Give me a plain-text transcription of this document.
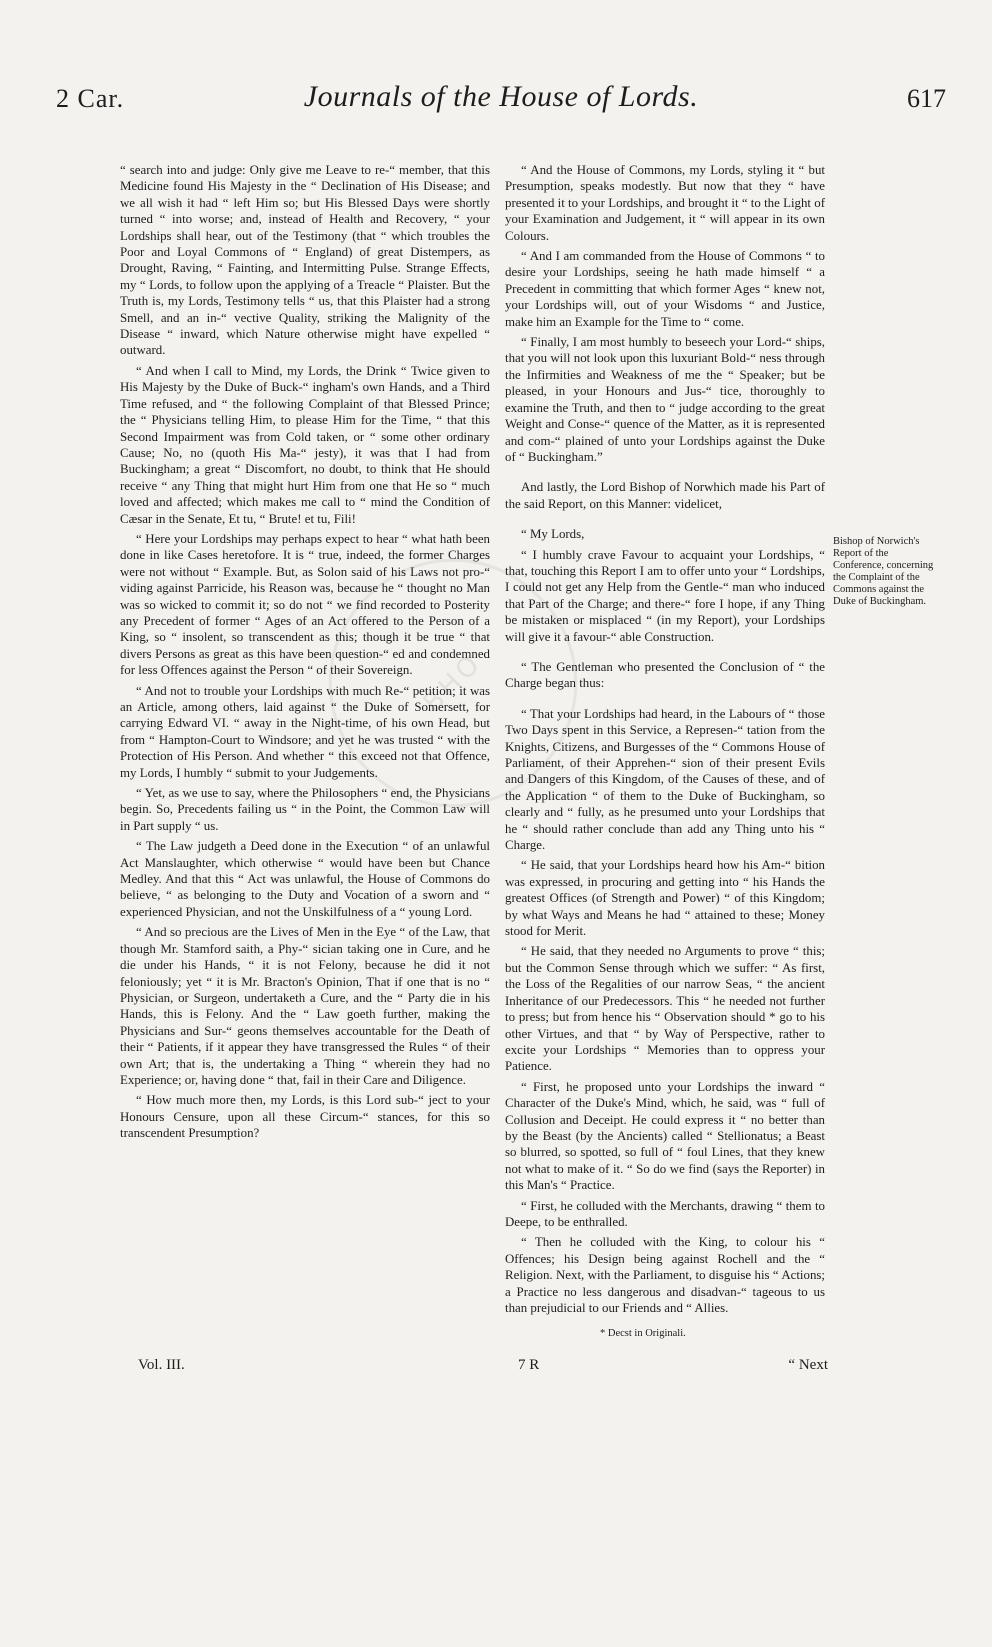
BHO
2 Car.	Journals of the House of Lords.	617

“ search into and judge: Only give me Leave to re-“ member, that this Medicine found His Majesty in the “ Declination of His Disease; and we all wish it had “ left Him so; but His Blessed Days were shortly turned “ into worse; and, instead of Health and Recovery, “ your Lordships shall hear, out of the Testimony (that “ which troubles the Poor and Loyal Commons of “ England) of great Distempers, as Drought, Raving, “ Fainting, and Intermitting Pulse. Strange Effects, my “ Lords, to follow upon the applying of a Treacle “ Plaister. But the Truth is, my Lords, Testimony tells “ us, that this Plaister had a strong Smell, and an in-“ vective Quality, striking the Malignity of the Disease “ inward, which Nature otherwise might have expelled “ outward.

“ And when I call to Mind, my Lords, the Drink “ Twice given to His Majesty by the Duke of Buck-“ ingham's own Hands, and a Third Time refused, and “ the following Complaint of that Blessed Prince; the “ Physicians telling Him, to please Him for the Time, “ that this Second Impairment was from Cold taken, or “ some other ordinary Cause; No, no (quoth His Ma-“ jesty), it was that I had from Buckingham; a great “ Discomfort, no doubt, to think that He should receive “ any Thing that might hurt Him from one that He so “ much loved and affected; which makes me call to “ mind the Condition of Cæsar in the Senate, Et tu, “ Brute! et tu, Fili!

“ Here your Lordships may perhaps expect to hear “ what hath been done in like Cases heretofore. It is “ true, indeed, the former Charges were not without “ Example. But, as Solon said of his Laws not pro-“ viding against Parricide, his Reason was, because he “ thought no Man was so wicked to commit it; so do not “ we find recorded to Posterity any Precedent of former “ Ages of an Act offered to the Person of a King, so “ insolent, so transcendent as this; though it be true “ that divers Persons as great as this have been question-“ ed and condemned for less Offences against the Person “ of their Sovereign.

“ And not to trouble your Lordships with much Re-“ petition; it was an Article, among others, laid against “ the Duke of Somersett, for carrying Edward VI. “ away in the Night-time, of his own Head, but from “ Hampton-Court to Windsore; and yet he was trusted “ with the Protection of His Person. And whether “ this exceed not that Offence, my Lords, I humbly “ submit to your Judgements.

“ Yet, as we use to say, where the Philosophers “ end, the Physicians begin. So, Precedents failing us “ in the Point, the Common Law will in Part supply “ us.

“ The Law judgeth a Deed done in the Execution “ of an unlawful Act Manslaughter, which otherwise “ would have been but Chance Medley. And that this “ Act was unlawful, the House of Commons do believe, “ as belonging to the Duty and Vocation of a sworn and “ experienced Physician, and not the Unskilfulness of a “ young Lord.

“ And so precious are the Lives of Men in the Eye “ of the Law, that though Mr. Stamford saith, a Phy-“ sician taking one in Cure, and he die under his Hands, “ it is not Felony, because he did it not feloniously; yet “ it is Mr. Bracton's Opinion, That if one that is no “ Physician, or Surgeon, undertaketh a Cure, and the “ Party die in his Hands, this is Felony. And the “ Law goeth further, making the Physicians and Sur-“ geons themselves accountable for the Death of their “ Patients, if it appear they have transgressed the Rules “ of their own Art; that is, the undertaking a Thing “ wherein they had no Experience; or, having done “ that, fail in their Care and Diligence.

“ How much more then, my Lords, is this Lord sub-“ ject to your Honours Censure, upon all these Circum-“ stances, for this so transcendent Presumption?

“ And the House of Commons, my Lords, styling it “ but Presumption, speaks modestly. But now that they “ have presented it to your Lordships, and brought it “ to the Light of your Examination and Judgement, it “ will appear in its own Colours.

“ And I am commanded from the House of Commons “ to desire your Lordships, seeing he hath made himself “ a Precedent in committing that which former Ages “ knew not, your Lordships will, out of your Wisdoms “ and Justice, make him an Example for the Time to “ come.

“ Finally, I am most humbly to beseech your Lord-“ ships, that you will not look upon this luxuriant Bold-“ ness through the Infirmities and Weakness of me the “ Speaker; but be pleased, in your Honours and Jus-“ tice, thoroughly to examine the Truth, and then to “ judge according to the great Weight and Conse-“ quence of the Matter, as it is represented and com-“ plained of unto your Lordships against the Duke of “ Buckingham.”

And lastly, the Lord Bishop of Norwhich made his Part of the said Report, on this Manner: videlicet,

“ My Lords,

“ I humbly crave Favour to acquaint your Lordships, “ that, touching this Report I am to offer unto your “ Lordships, I could not get any Help from the Gentle-“ man who induced that Part of the Charge; and there-“ fore I hope, if any Thing be mistaken or misplaced “ (in my Report), your Lordships will give it a favour-“ able Construction.

“ The Gentleman who presented the Conclusion of “ the Charge began thus:

“ That your Lordships had heard, in the Labours of “ those Two Days spent in this Service, a Represen-“ tation from the Knights, Citizens, and Burgesses of the “ Commons House of Parliament, of their Apprehen-“ sion of their present Evils and Dangers of this Kingdom, of the Causes of these, and of the Application “ of them to the Duke of Buckingham, so clearly and “ fully, as he presumed unto your Lordships that he “ should rather conclude than add any Thing unto his “ Charge.

“ He said, that your Lordships heard how his Am-“ bition was expressed, in procuring and getting into “ his Hands the greatest Offices (of Strength and Power) “ of this Kingdom; by what Ways and Means he had “ attained to these; Money stood for Merit.

“ He said, that they needed no Arguments to prove “ this; but the Common Sense through which we suffer: “ As first, the Loss of the Regalities of our narrow Seas, “ the ancient Inheritance of our Predecessors. This “ he needed not further to press; but from hence his “ Observation should * go to his other Virtues, and that “ by Way of Perspective, rather to excite your Lordships “ Memories than to oppress your Patience.

“ First, he proposed unto your Lordships the inward “ Character of the Duke's Mind, which, he said, was “ full of Collusion and Deceipt. He could express it “ no better than by the Beast (by the Ancients) called “ Stellionatus; a Beast so blurred, so spotted, so full of “ foul Lines, that they knew not what to make of it. “ So do we find (says the Reporter) in this Man's “ Practice.

“ First, he colluded with the Merchants, drawing “ them to Deepe, to be enthralled.

“ Then he colluded with the King, to colour his “ Offences; his Design being against Rochell and the “ Religion. Next, with the Parliament, to disguise his “ Actions; a Practice no less dangerous and disadvan-“ tageous to us than prejudicial to our Friends and “ Allies.

Bishop of Norwich's Report of the Conference, concerning the Complaint of the Commons against the Duke of Buckingham.
* Decst in Originali.
Vol. III.	7 R	“ Next
